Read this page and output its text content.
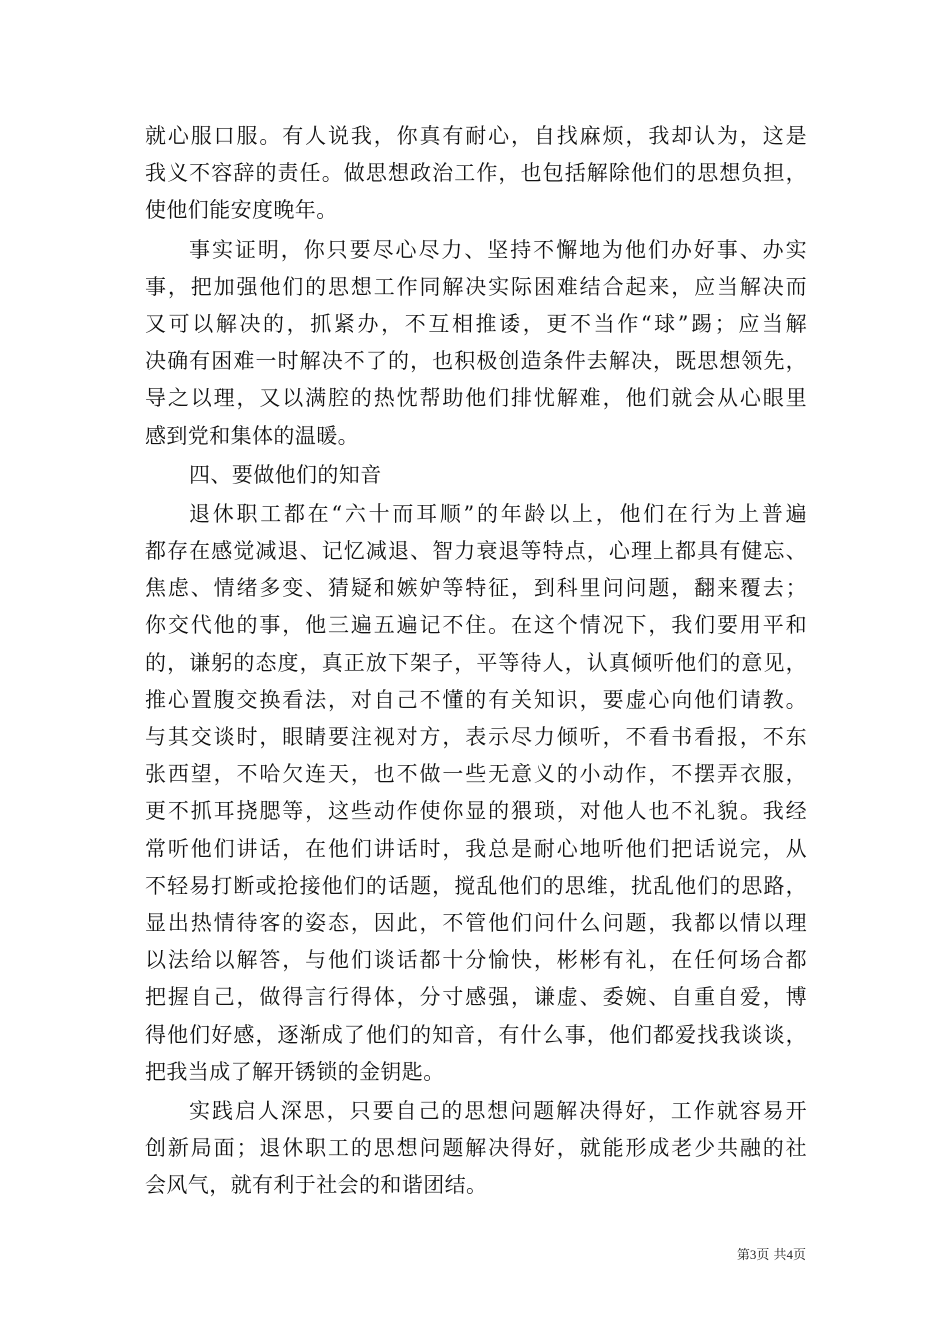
就心服口服。有人说我，你真有耐心，自找麻烦，我却认为，这是
我义不容辞的责任。做思想政治工作，也包括解除他们的思想负担，
使他们能安度晚年。
事实证明，你只要尽心尽力、坚持不懈地为他们办好事、办实
事，把加强他们的思想工作同解决实际困难结合起来，应当解决而
又可以解决的，抓紧办，不互相推诿，更不当作“球”踢；应当解
决确有困难一时解决不了的，也积极创造条件去解决，既思想领先，
导之以理，又以满腔的热忱帮助他们排忧解难，他们就会从心眼里
感到党和集体的温暖。
四、要做他们的知音
退休职工都在“六十而耳顺”的年龄以上，他们在行为上普遍
都存在感觉减退、记忆减退、智力衰退等特点，心理上都具有健忘、
焦虑、情绪多变、猜疑和嫉妒等特征，到科里问问题，翻来覆去；
你交代他的事，他三遍五遍记不住。在这个情况下，我们要用平和
的，谦躬的态度，真正放下架子，平等待人，认真倾听他们的意见，
推心置腹交换看法，对自己不懂的有关知识，要虚心向他们请教。
与其交谈时，眼睛要注视对方，表示尽力倾听，不看书看报，不东
张西望，不哈欠连天，也不做一些无意义的小动作，不摆弄衣服，
更不抓耳挠腮等，这些动作使你显的猥琐，对他人也不礼貌。我经
常听他们讲话，在他们讲话时，我总是耐心地听他们把话说完，从
不轻易打断或抢接他们的话题，搅乱他们的思维，扰乱他们的思路，
显出热情待客的姿态，因此，不管他们问什么问题，我都以情以理
以法给以解答，与他们谈话都十分愉快，彬彬有礼，在任何场合都
把握自己，做得言行得体，分寸感强，谦虚、委婉、自重自爱，博
得他们好感，逐渐成了他们的知音，有什么事，他们都爱找我谈谈，
把我当成了解开锈锁的金钥匙。
实践启人深思，只要自己的思想问题解决得好，工作就容易开
创新局面；退休职工的思想问题解决得好，就能形成老少共融的社
会风气，就有利于社会的和谐团结。
第3页 共4页
